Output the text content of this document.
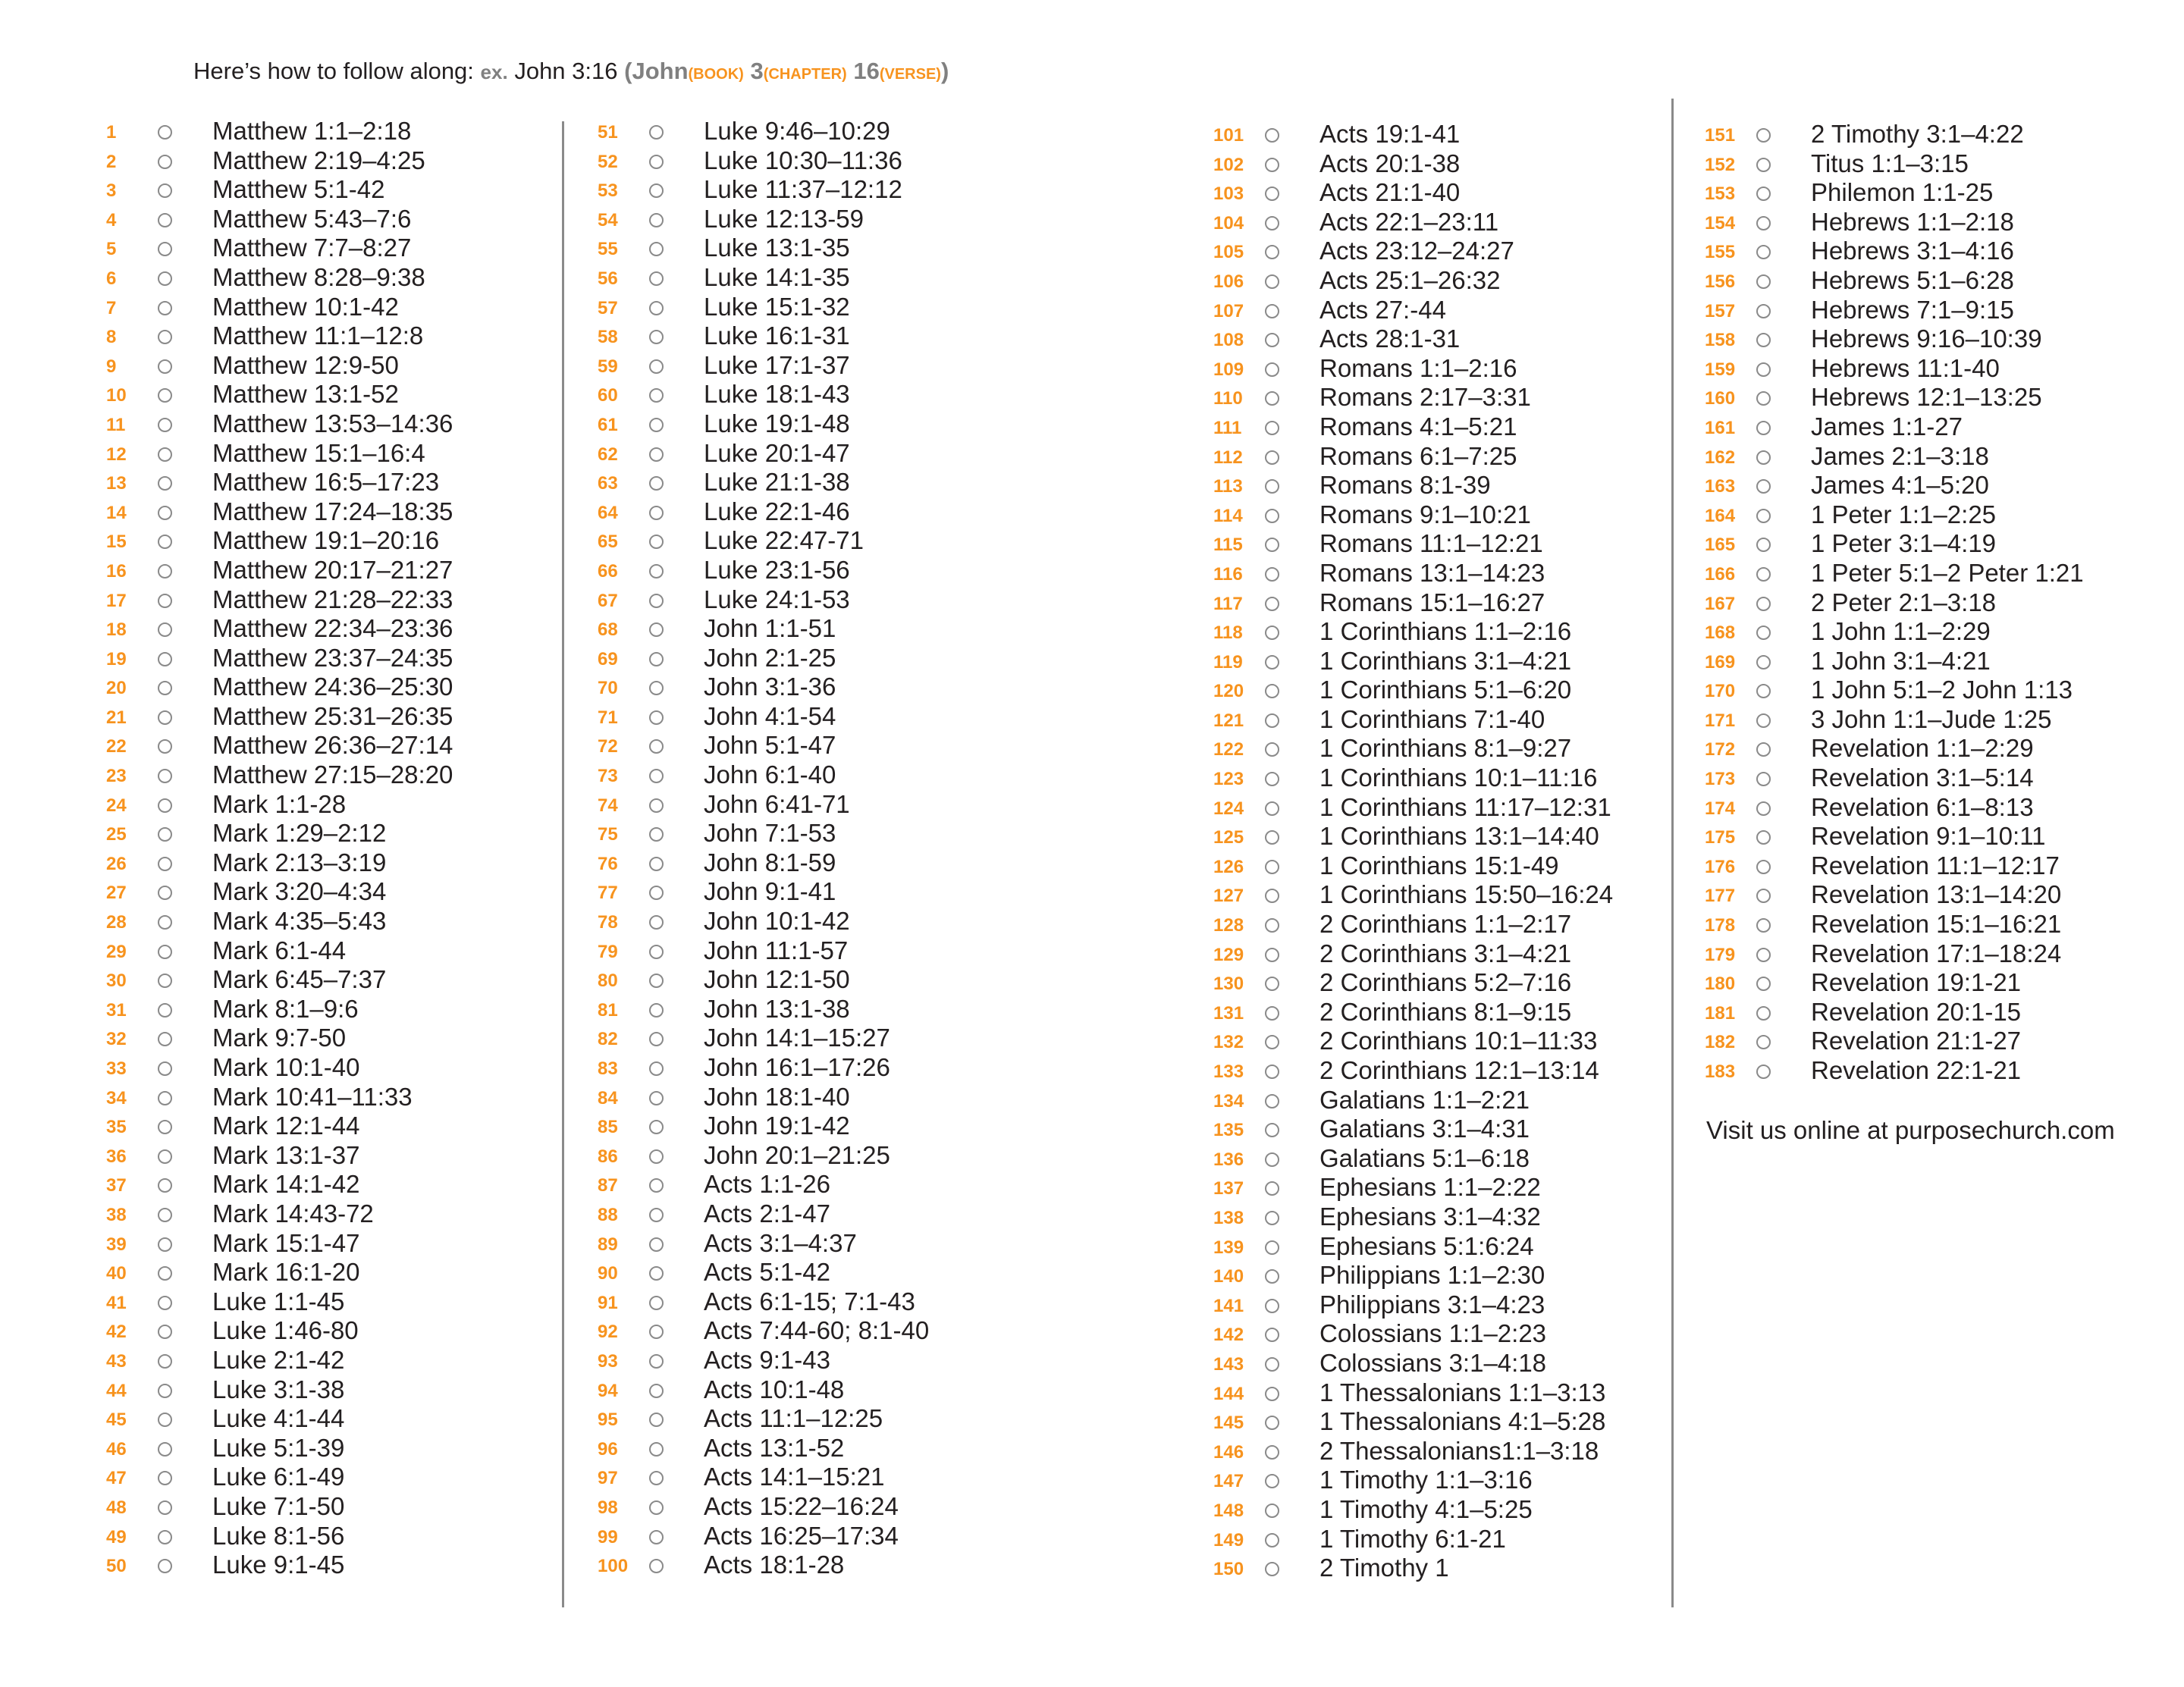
Here’s how to follow along: ex. John 3:16 (John(BOOK) 3(CHAPTER) 16(VERSE))
1	Matthew 1:1–2:18
2	Matthew 2:19–4:25
3	Matthew 5:1-42
4	Matthew 5:43–7:6
5	Matthew 7:7–8:27
6	Matthew 8:28–9:38
7	Matthew 10:1-42
8	Matthew 11:1–12:8
9	Matthew 12:9-50
10	Matthew 13:1-52
11	Matthew 13:53–14:36
12	Matthew 15:1–16:4
13	Matthew 16:5–17:23
14	Matthew 17:24–18:35
15	Matthew 19:1–20:16
16	Matthew 20:17–21:27
17	Matthew 21:28–22:33
18	Matthew 22:34–23:36
19	Matthew 23:37–24:35
20	Matthew 24:36–25:30
21	Matthew 25:31–26:35
22	Matthew 26:36–27:14
23	Matthew 27:15–28:20
24	Mark 1:1-28
25	Mark 1:29–2:12
26	Mark 2:13–3:19
27	Mark 3:20–4:34
28	Mark 4:35–5:43
29	Mark 6:1-44
30	Mark 6:45–7:37
31	Mark 8:1–9:6
32	Mark 9:7-50
33	Mark 10:1-40
34	Mark 10:41–11:33
35	Mark 12:1-44
36	Mark 13:1-37
37	Mark 14:1-42
38	Mark 14:43-72
39	Mark 15:1-47
40	Mark 16:1-20
41	Luke 1:1-45
42	Luke 1:46-80
43	Luke 2:1-42
44	Luke 3:1-38
45	Luke 4:1-44
46	Luke 5:1-39
47	Luke 6:1-49
48	Luke 7:1-50
49	Luke 8:1-56
50	Luke 9:1-45
51	Luke 9:46–10:29
52	Luke 10:30–11:36
53	Luke 11:37–12:12
54	Luke 12:13-59
55	Luke 13:1-35
56	Luke 14:1-35
57	Luke 15:1-32
58	Luke 16:1-31
59	Luke 17:1-37
60	Luke 18:1-43
61	Luke 19:1-48
62	Luke 20:1-47
63	Luke 21:1-38
64	Luke 22:1-46
65	Luke 22:47-71
66	Luke 23:1-56
67	Luke 24:1-53
68	John 1:1-51
69	John 2:1-25
70	John 3:1-36
71	John 4:1-54
72	John 5:1-47
73	John 6:1-40
74	John 6:41-71
75	John 7:1-53
76	John 8:1-59
77	John 9:1-41
78	John 10:1-42
79	John 11:1-57
80	John 12:1-50
81	John 13:1-38
82	John 14:1–15:27
83	John 16:1–17:26
84	John 18:1-40
85	John 19:1-42
86	John 20:1–21:25
87	Acts 1:1-26
88	Acts 2:1-47
89	Acts 3:1–4:37
90	Acts 5:1-42
91	Acts 6:1-15; 7:1-43
92	Acts 7:44-60; 8:1-40
93	Acts 9:1-43
94	Acts 10:1-48
95	Acts 11:1–12:25
96	Acts 13:1-52
97	Acts 14:1–15:21
98	Acts 15:22–16:24
99	Acts 16:25–17:34
100	Acts 18:1-28
101	Acts 19:1-41
102	Acts 20:1-38
103	Acts 21:1-40
104	Acts 22:1–23:11
105	Acts 23:12–24:27
106	Acts 25:1–26:32
107	Acts 27:-44
108	Acts 28:1-31
109	Romans 1:1–2:16
110	Romans 2:17–3:31
111	Romans 4:1–5:21
112	Romans 6:1–7:25
113	Romans 8:1-39
114	Romans 9:1–10:21
115	Romans 11:1–12:21
116	Romans 13:1–14:23
117	Romans 15:1–16:27
118	1 Corinthians 1:1–2:16
119	1 Corinthians 3:1–4:21
120	1 Corinthians 5:1–6:20
121	1 Corinthians 7:1-40
122	1 Corinthians 8:1–9:27
123	1 Corinthians 10:1–11:16
124	1 Corinthians 11:17–12:31
125	1 Corinthians 13:1–14:40
126	1 Corinthians 15:1-49
127	1 Corinthians 15:50–16:24
128	2 Corinthians 1:1–2:17
129	2 Corinthians 3:1–4:21
130	2 Corinthians 5:2–7:16
131	2 Corinthians 8:1–9:15
132	2 Corinthians 10:1–11:33
133	2 Corinthians 12:1–13:14
134	Galatians 1:1–2:21
135	Galatians 3:1–4:31
136	Galatians 5:1–6:18
137	Ephesians 1:1–2:22
138	Ephesians 3:1–4:32
139	Ephesians 5:1:6:24
140	Philippians 1:1–2:30
141	Philippians 3:1–4:23
142	Colossians 1:1–2:23
143	Colossians 3:1–4:18
144	1 Thessalonians 1:1–3:13
145	1 Thessalonians 4:1–5:28
146	2 Thessalonians1:1–3:18
147	1 Timothy 1:1–3:16
148	1 Timothy 4:1–5:25
149	1 Timothy 6:1-21
150	2 Timothy 1
151	2 Timothy 3:1–4:22
152	Titus 1:1–3:15
153	Philemon 1:1-25
154	Hebrews 1:1–2:18
155	Hebrews 3:1–4:16
156	Hebrews 5:1–6:28
157	Hebrews 7:1–9:15
158	Hebrews 9:16–10:39
159	Hebrews 11:1-40
160	Hebrews 12:1–13:25
161	James 1:1-27
162	James 2:1–3:18
163	James 4:1–5:20
164	1 Peter 1:1–2:25
165	1 Peter 3:1–4:19
166	1 Peter 5:1–2 Peter 1:21
167	2 Peter 2:1–3:18
168	1 John 1:1–2:29
169	1 John 3:1–4:21
170	1 John 5:1–2 John 1:13
171	3 John 1:1–Jude 1:25
172	Revelation 1:1–2:29
173	Revelation 3:1–5:14
174	Revelation 6:1–8:13
175	Revelation 9:1–10:11
176	Revelation 11:1–12:17
177	Revelation 13:1–14:20
178	Revelation 15:1–16:21
179	Revelation 17:1–18:24
180	Revelation 19:1-21
181	Revelation 20:1-15
182	Revelation 21:1-27
183	Revelation 22:1-21
Visit us online at purposechurch.com
